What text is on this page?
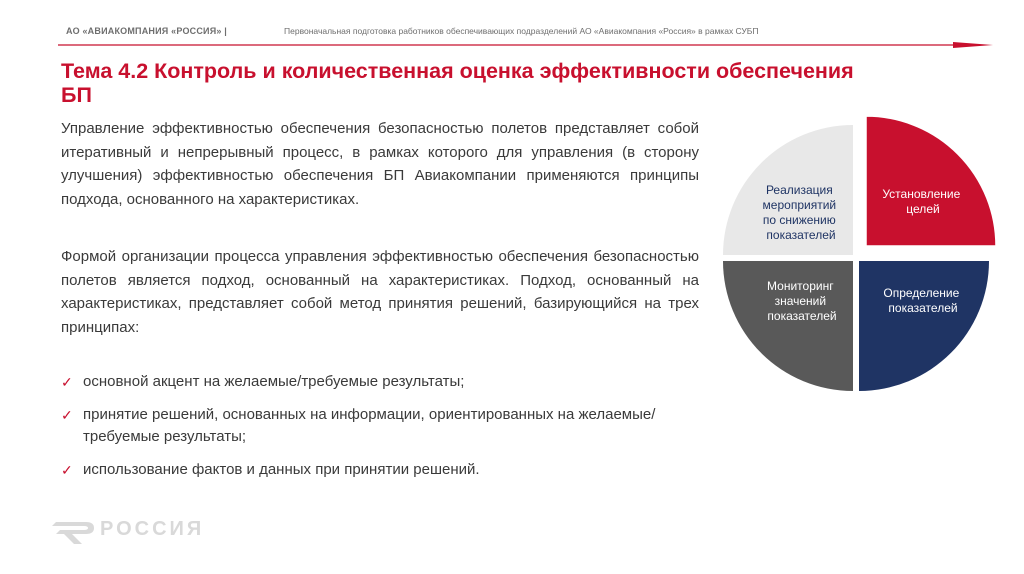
АО «АВИАКОМПАНИЯ «РОССИЯ» |	Первоначальная подготовка работников обеспечивающих подразделений АО «Авиакомпания «Россия» в рамках СУБП
Тема 4.2 Контроль и количественная оценка эффективности обеспечения БП
Управление эффективностью обеспечения безопасностью полетов представляет собой итеративный и непрерывный процесс, в рамках которого для управления (в сторону улучшения) эффективностью обеспечения БП Авиакомпании применяются принципы подхода, основанного на характеристиках.
Формой организации процесса управления эффективностью обеспечения безопасностью полетов является подход, основанный на характеристиках. Подход, основанный на характеристиках, представляет собой метод принятия решений, базирующийся на трех принципах:
✓ основной акцент на желаемые/требуемые результаты;
✓ принятие решений, основанных на информации, ориентированных на желаемые/требуемые результаты;
✓ использование фактов и данных при принятии решений.
Реализация мероприятий по снижению показателей
Установление целей
Определение показателей
Мониторинг значений показателей
РОССИЯ
